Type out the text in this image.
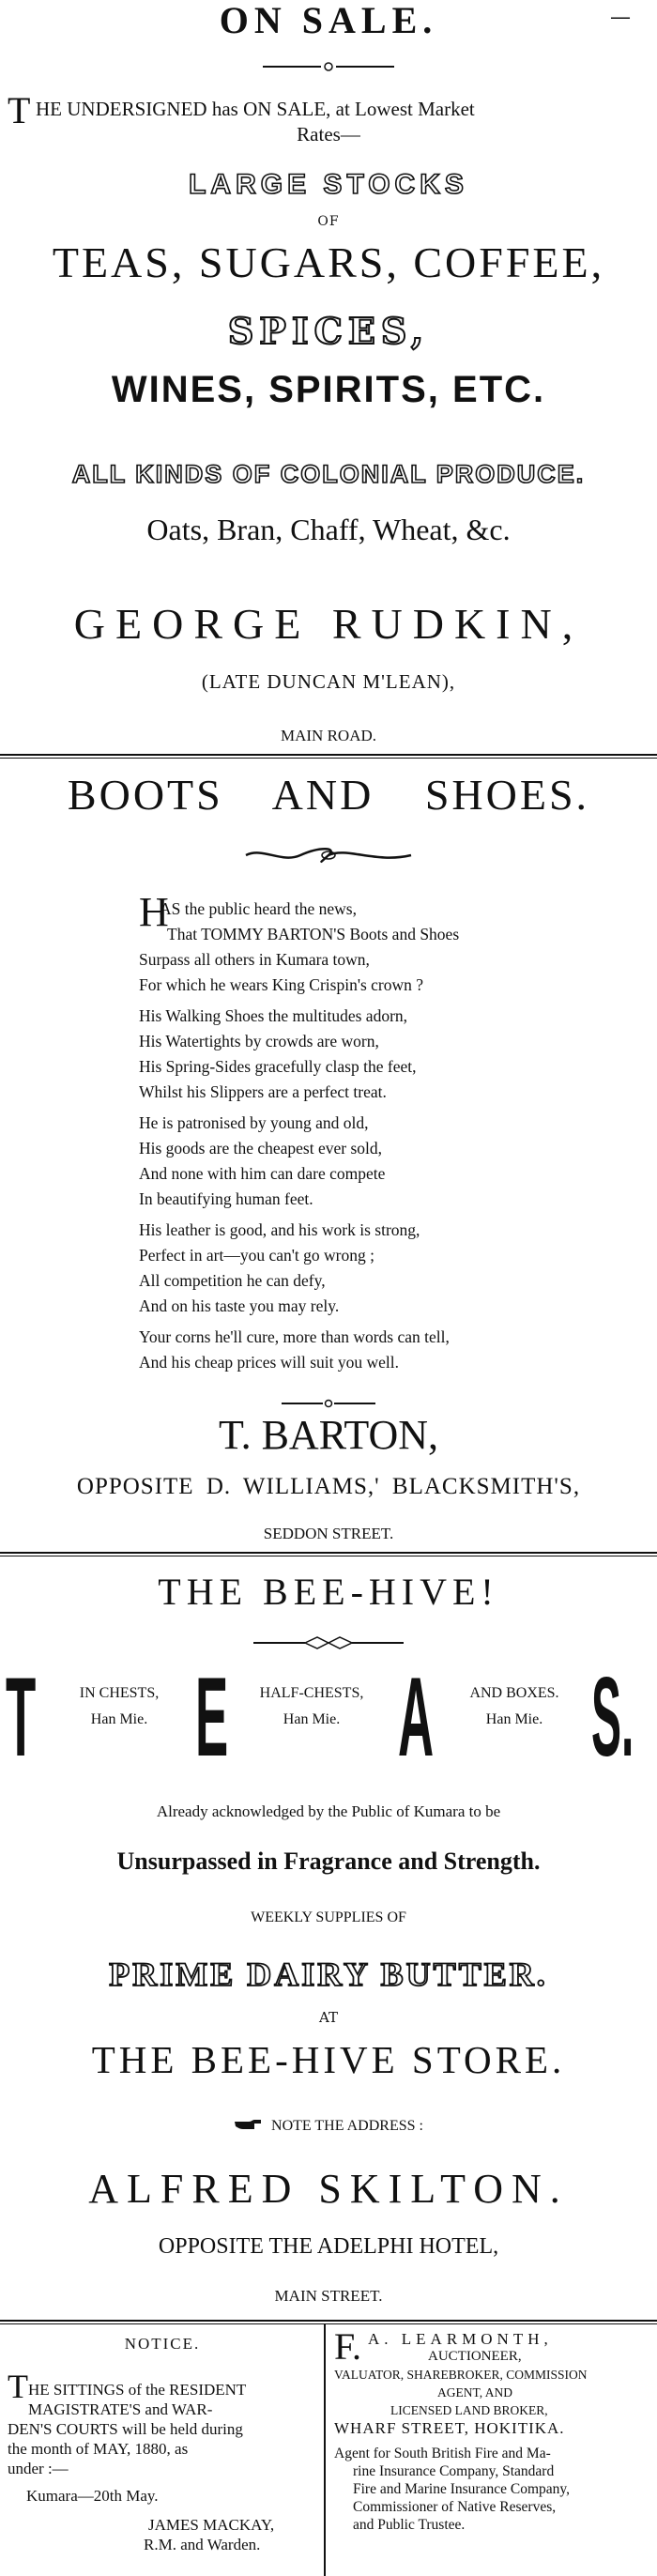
ON SALE.	—
T HE UNDERSIGNED has ON SALE, at Lowest Market
Rates—
LARGE STOCKS
OF
TEAS, SUGARS, COFFEE,
SPICES,
WINES, SPIRITS, ETC.
ALL KINDS OF COLONIAL PRODUCE.
Oats, Bran, Chaff, Wheat, &c.
GEORGE RUDKIN,
(LATE DUNCAN M'LEAN),
MAIN ROAD.
BOOTS AND SHOES.
H
AS the public heard the news,
That TOMMY BARTON'S Boots and Shoes
Surpass all others in Kumara town,
For which he wears King Crispin's crown ?
His Walking Shoes the multitudes adorn,
His Watertights by crowds are worn,
His Spring-Sides gracefully clasp the feet,
Whilst his Slippers are a perfect treat.
He is patronised by young and old,
His goods are the cheapest ever sold,
And none with him can dare compete
In beautifying human feet.
His leather is good, and his work is strong,
Perfect in art—you can't go wrong ;
All competition he can defy,
And on his taste you may rely.
Your corns he'll cure, more than words can tell,
And his cheap prices will suit you well.
T. BARTON,
OPPOSITE D. WILLIAMS,' BLACKSMITH'S,
SEDDON STREET.
THE BEE-HIVE!
T E A S.
IN CHESTS,
Han Mie.
HALF-CHESTS,
Han Mie.
AND BOXES.
Han Mie.
Already acknowledged by the Public of Kumara to be
Unsurpassed in Fragrance and Strength.
WEEKLY SUPPLIES OF
PRIME DAIRY BUTTER.
AT
THE BEE-HIVE STORE.
NOTE THE ADDRESS :
ALFRED SKILTON.
OPPOSITE THE ADELPHI HOTEL,
MAIN STREET.
NOTICE.
T HE SITTINGS of the RESIDENT
MAGISTRATE'S and WAR-
DEN'S COURTS will be held during
the month of MAY, 1880, as
under :—
Kumara—20th May.
JAMES MACKAY,
R.M. and Warden.
F. A. LEARMONTH,
AUCTIONEER,
VALUATOR, SHAREBROKER, COMMISSION
AGENT, AND
LICENSED LAND BROKER,
WHARF STREET, HOKITIKA.
Agent for South British Fire and Ma-
rine Insurance Company, Standard
Fire and Marine Insurance Company,
Commissioner of Native Reserves,
and Public Trustee.
